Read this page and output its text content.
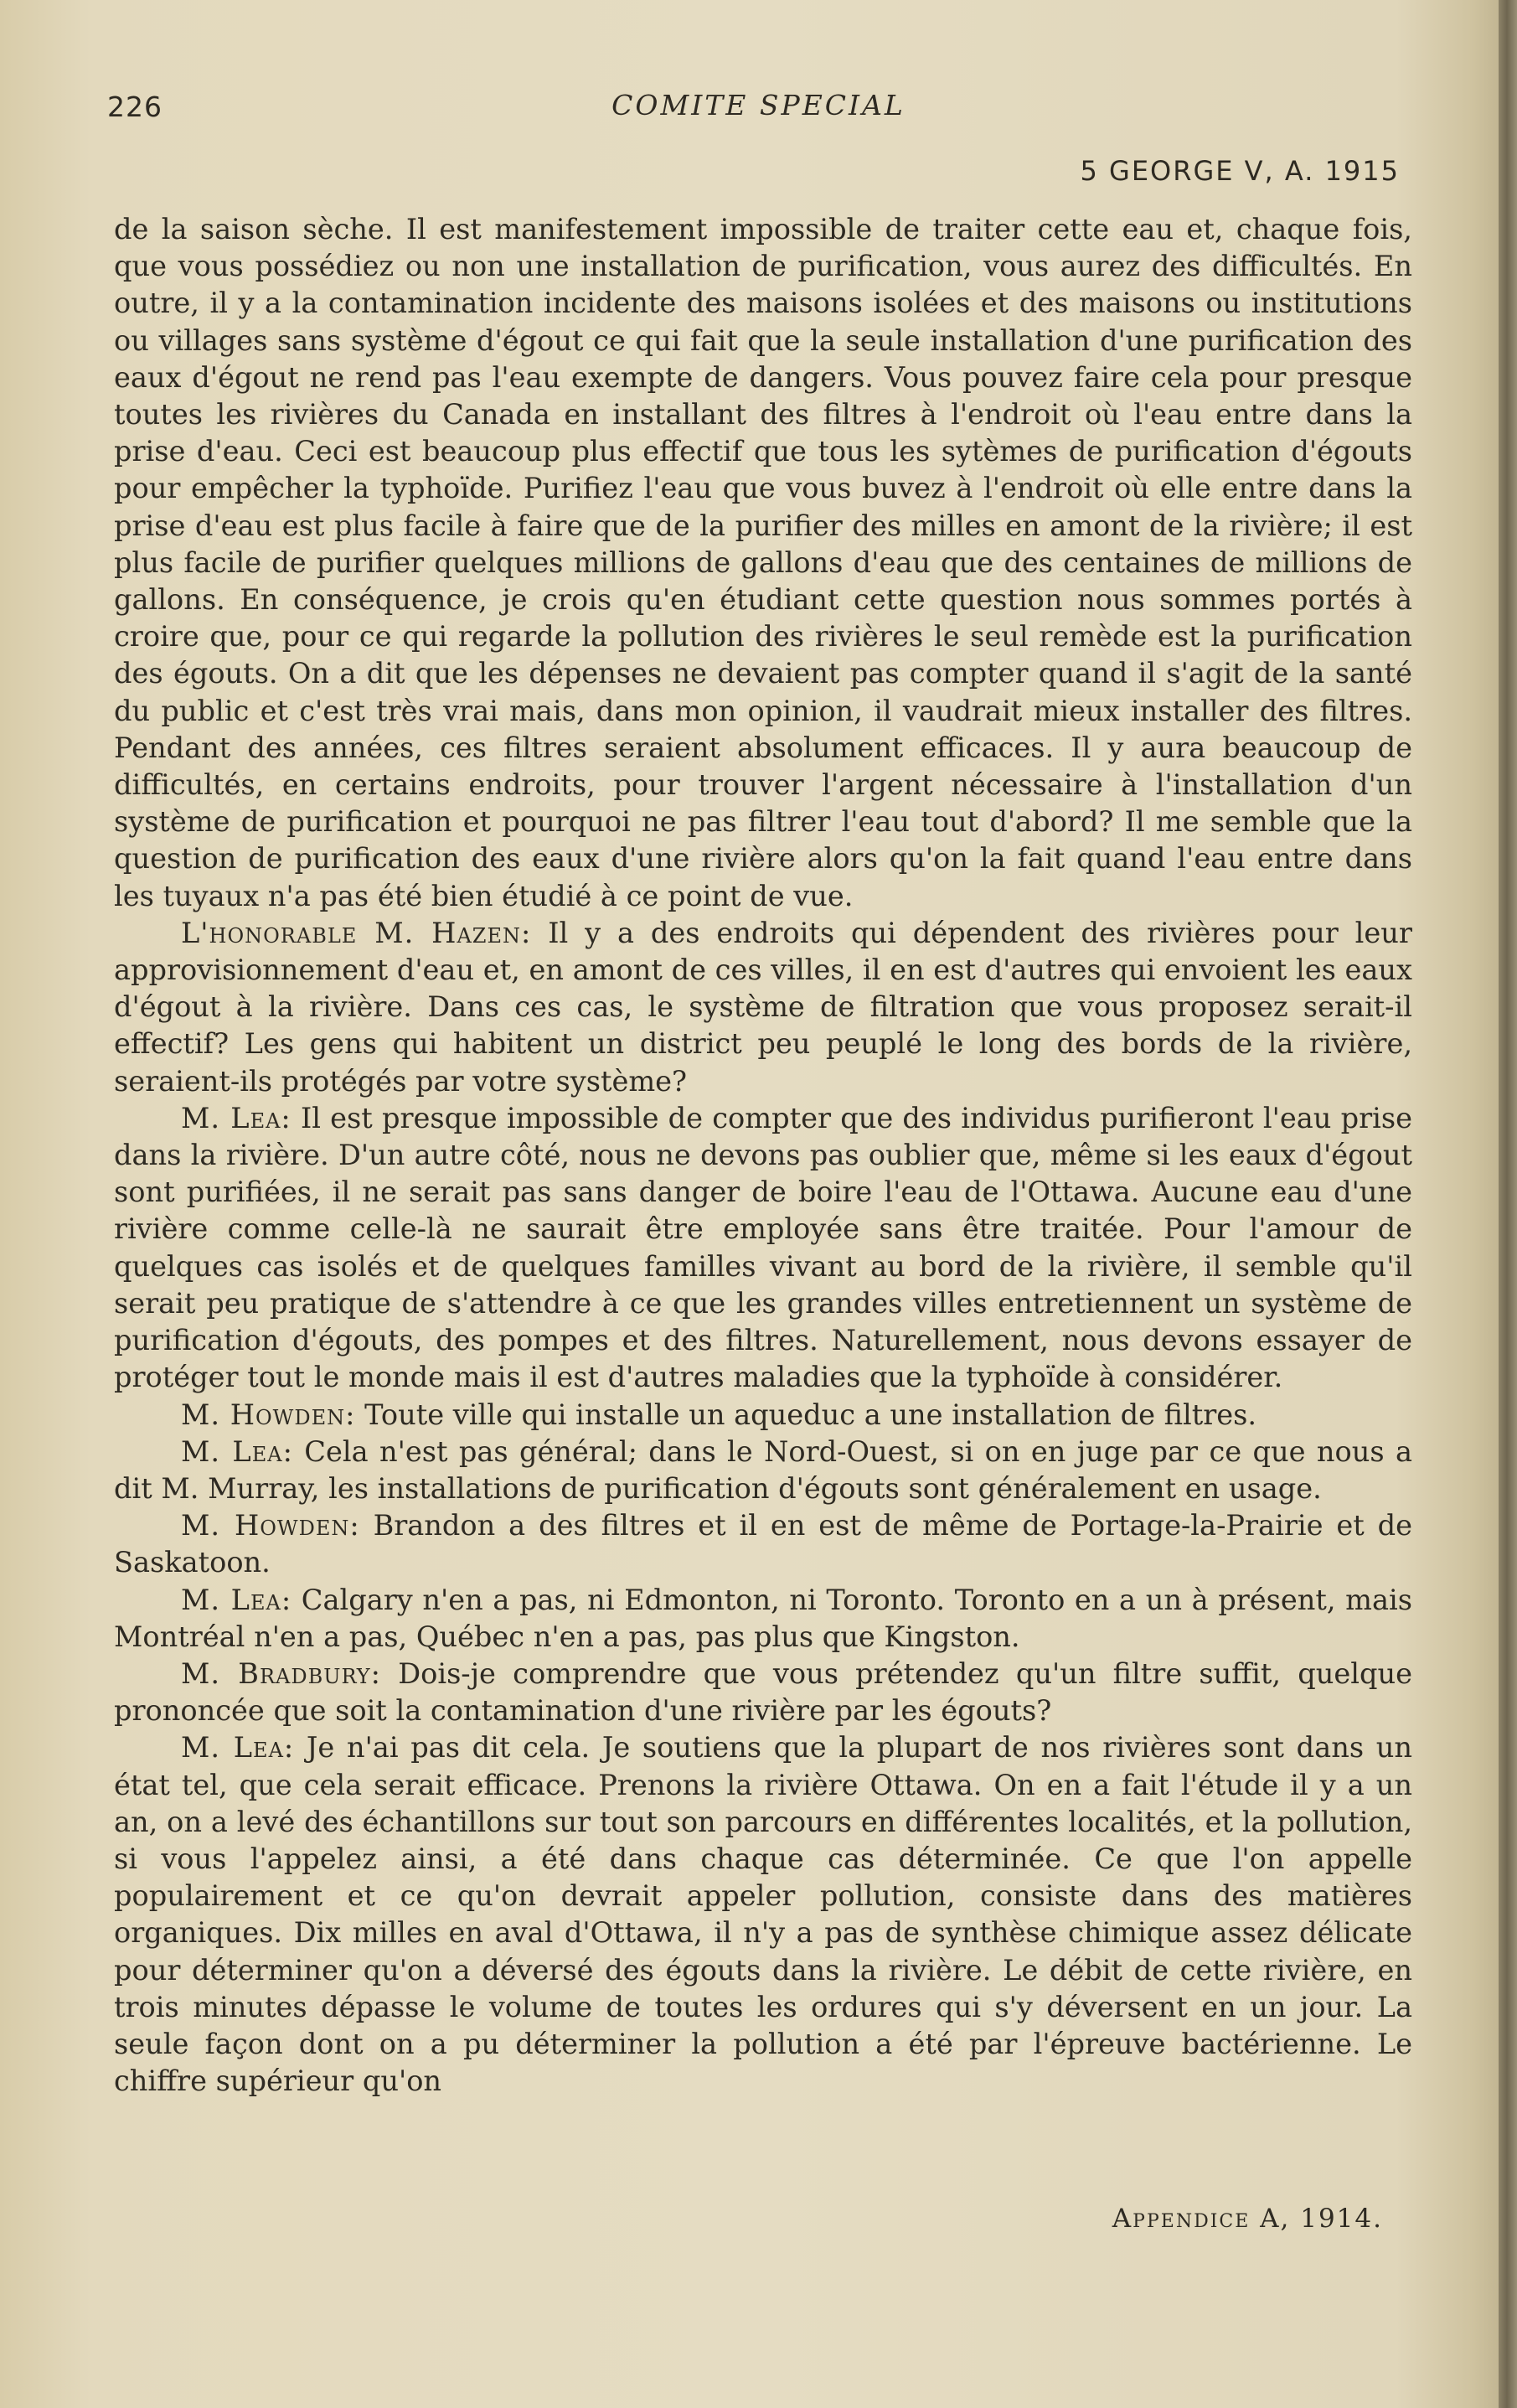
226	COMITE SPECIAL
5 GEORGE V, A. 1915

de la saison sèche. Il est manifestement impossible de traiter cette eau et, chaque fois, que vous possédiez ou non une installation de purification, vous aurez des difficultés. En outre, il y a la contamination incidente des maisons isolées et des maisons ou institutions ou villages sans système d'égout ce qui fait que la seule installation d'une purification des eaux d'égout ne rend pas l'eau exempte de dangers. Vous pouvez faire cela pour presque toutes les rivières du Canada en installant des filtres à l'endroit où l'eau entre dans la prise d'eau. Ceci est beaucoup plus effectif que tous les sytèmes de purification d'égouts pour empêcher la typhoïde. Purifiez l'eau que vous buvez à l'endroit où elle entre dans la prise d'eau est plus facile à faire que de la purifier des milles en amont de la rivière; il est plus facile de purifier quelques millions de gallons d'eau que des centaines de millions de gallons. En conséquence, je crois qu'en étudiant cette question nous sommes portés à croire que, pour ce qui regarde la pollution des rivières le seul remède est la purification des égouts. On a dit que les dépenses ne devaient pas compter quand il s'agit de la santé du public et c'est très vrai mais, dans mon opinion, il vaudrait mieux installer des filtres. Pendant des années, ces filtres seraient absolument efficaces. Il y aura beaucoup de difficultés, en certains endroits, pour trouver l'argent nécessaire à l'installation d'un système de purification et pourquoi ne pas filtrer l'eau tout d'abord? Il me semble que la question de purification des eaux d'une rivière alors qu'on la fait quand l'eau entre dans les tuyaux n'a pas été bien étudié à ce point de vue.

L'honorable M. Hazen: Il y a des endroits qui dépendent des rivières pour leur approvisionnement d'eau et, en amont de ces villes, il en est d'autres qui envoient les eaux d'égout à la rivière. Dans ces cas, le système de filtration que vous proposez serait-il effectif? Les gens qui habitent un district peu peuplé le long des bords de la rivière, seraient-ils protégés par votre système?

M. Lea: Il est presque impossible de compter que des individus purifieront l'eau prise dans la rivière. D'un autre côté, nous ne devons pas oublier que, même si les eaux d'égout sont purifiées, il ne serait pas sans danger de boire l'eau de l'Ottawa. Aucune eau d'une rivière comme celle-là ne saurait être employée sans être traitée. Pour l'amour de quelques cas isolés et de quelques familles vivant au bord de la rivière, il semble qu'il serait peu pratique de s'attendre à ce que les grandes villes entretiennent un système de purification d'égouts, des pompes et des filtres. Naturellement, nous devons essayer de protéger tout le monde mais il est d'autres maladies que la typhoïde à considérer.

M. Howden: Toute ville qui installe un aqueduc a une installation de filtres.

M. Lea: Cela n'est pas général; dans le Nord-Ouest, si on en juge par ce que nous a dit M. Murray, les installations de purification d'égouts sont généralement en usage.

M. Howden: Brandon a des filtres et il en est de même de Portage-la-Prairie et de Saskatoon.

M. Lea: Calgary n'en a pas, ni Edmonton, ni Toronto. Toronto en a un à présent, mais Montréal n'en a pas, Québec n'en a pas, pas plus que Kingston.

M. Bradbury: Dois-je comprendre que vous prétendez qu'un filtre suffit, quelque prononcée que soit la contamination d'une rivière par les égouts?

M. Lea: Je n'ai pas dit cela. Je soutiens que la plupart de nos rivières sont dans un état tel, que cela serait efficace. Prenons la rivière Ottawa. On en a fait l'étude il y a un an, on a levé des échantillons sur tout son parcours en différentes localités, et la pollution, si vous l'appelez ainsi, a été dans chaque cas déterminée. Ce que l'on appelle populairement et ce qu'on devrait appeler pollution, consiste dans des matières organiques. Dix milles en aval d'Ottawa, il n'y a pas de synthèse chimique assez délicate pour déterminer qu'on a déversé des égouts dans la rivière. Le débit de cette rivière, en trois minutes dépasse le volume de toutes les ordures qui s'y déversent en un jour. La seule façon dont on a pu déterminer la pollution a été par l'épreuve bactérienne. Le chiffre supérieur qu'on

Appendice A, 1914.
